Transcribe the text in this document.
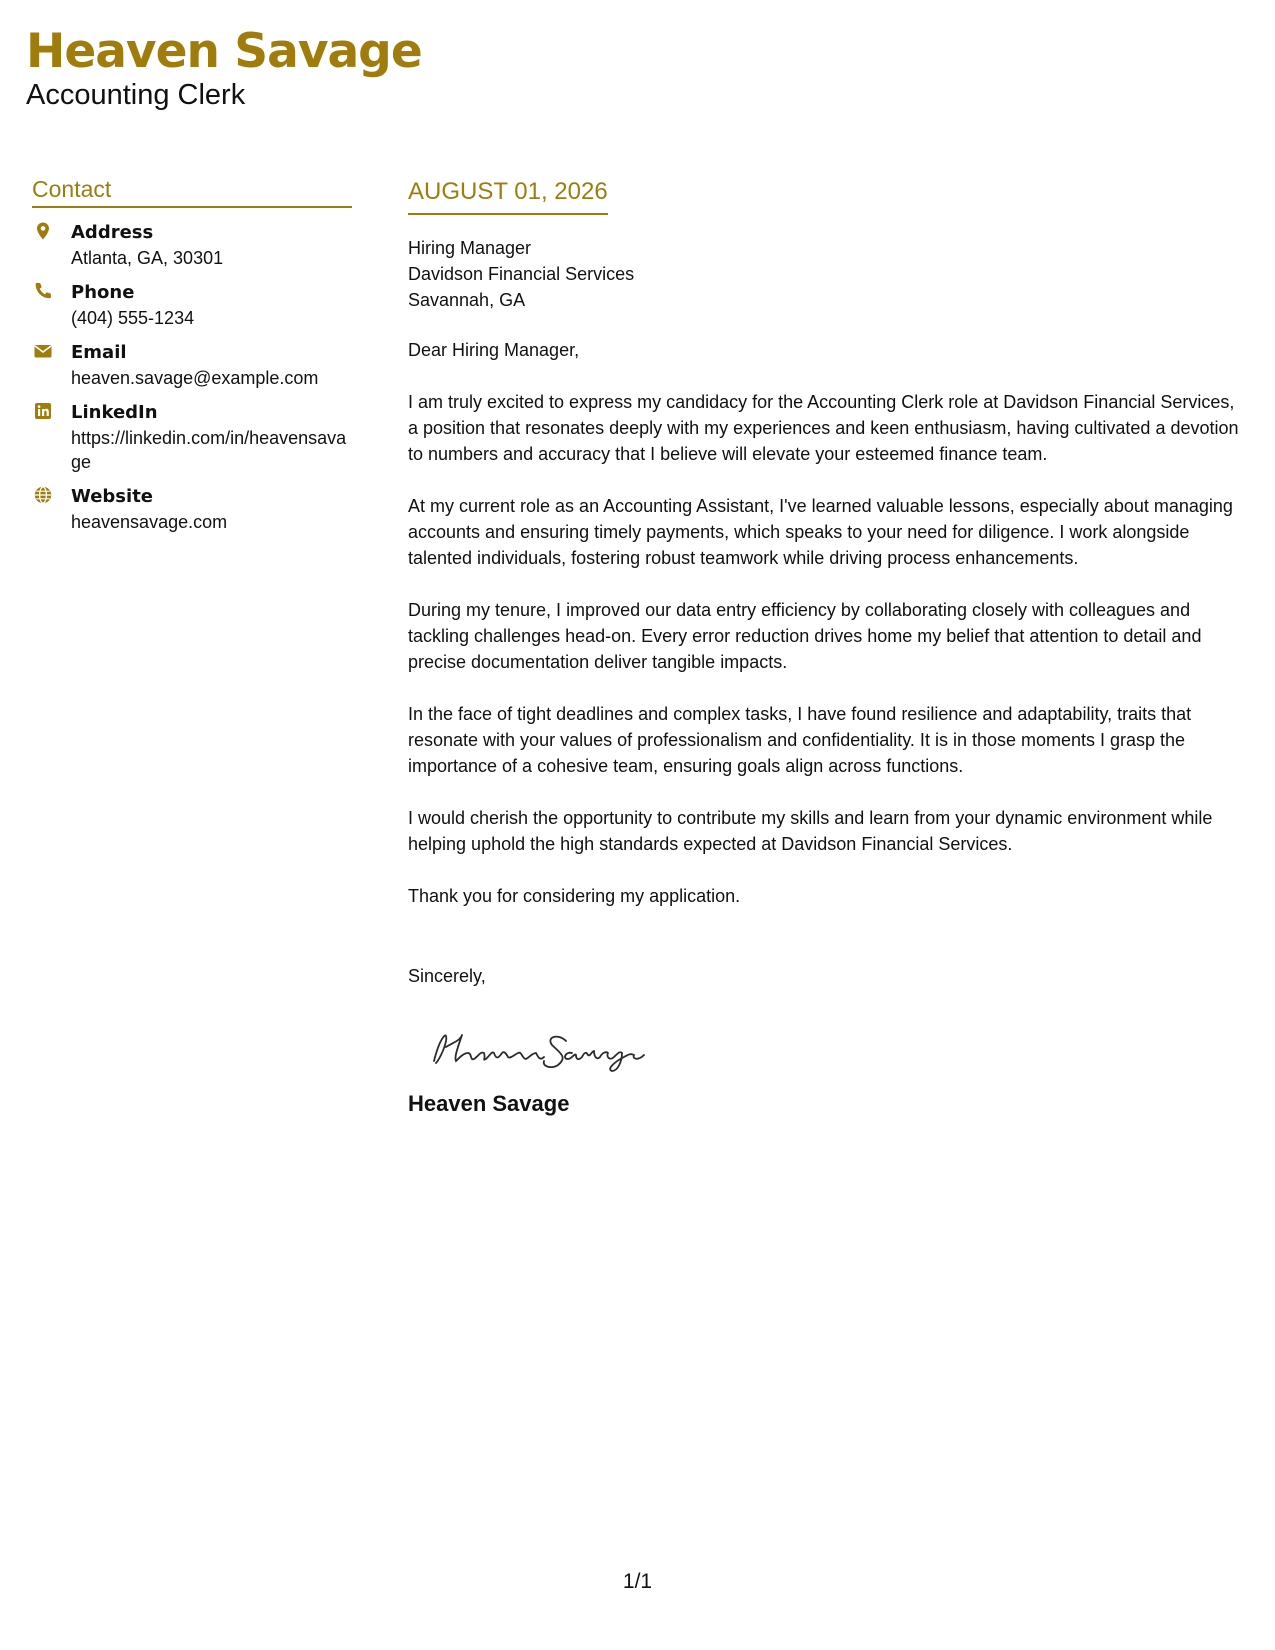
Heaven Savage
Accounting Clerk
Contact
Address
Atlanta, GA, 30301
Phone
(404) 555-1234
Email
heaven.savage@example.com
LinkedIn
https://linkedin.com/in/heavensavage
Website
heavensavage.com
AUGUST 01, 2026
Hiring Manager
Davidson Financial Services
Savannah, GA
Dear Hiring Manager,
I am truly excited to express my candidacy for the Accounting Clerk role at Davidson Financial Services, a position that resonates deeply with my experiences and keen enthusiasm, having cultivated a devotion to numbers and accuracy that I believe will elevate your esteemed finance team.
At my current role as an Accounting Assistant, I've learned valuable lessons, especially about managing accounts and ensuring timely payments, which speaks to your need for diligence. I work alongside talented individuals, fostering robust teamwork while driving process enhancements.
During my tenure, I improved our data entry efficiency by collaborating closely with colleagues and tackling challenges head-on. Every error reduction drives home my belief that attention to detail and precise documentation deliver tangible impacts.
In the face of tight deadlines and complex tasks, I have found resilience and adaptability, traits that resonate with your values of professionalism and confidentiality. It is in those moments I grasp the importance of a cohesive team, ensuring goals align across functions.
I would cherish the opportunity to contribute my skills and learn from your dynamic environment while helping uphold the high standards expected at Davidson Financial Services.
Thank you for considering my application.
Sincerely,
Heaven Savage
1/1
